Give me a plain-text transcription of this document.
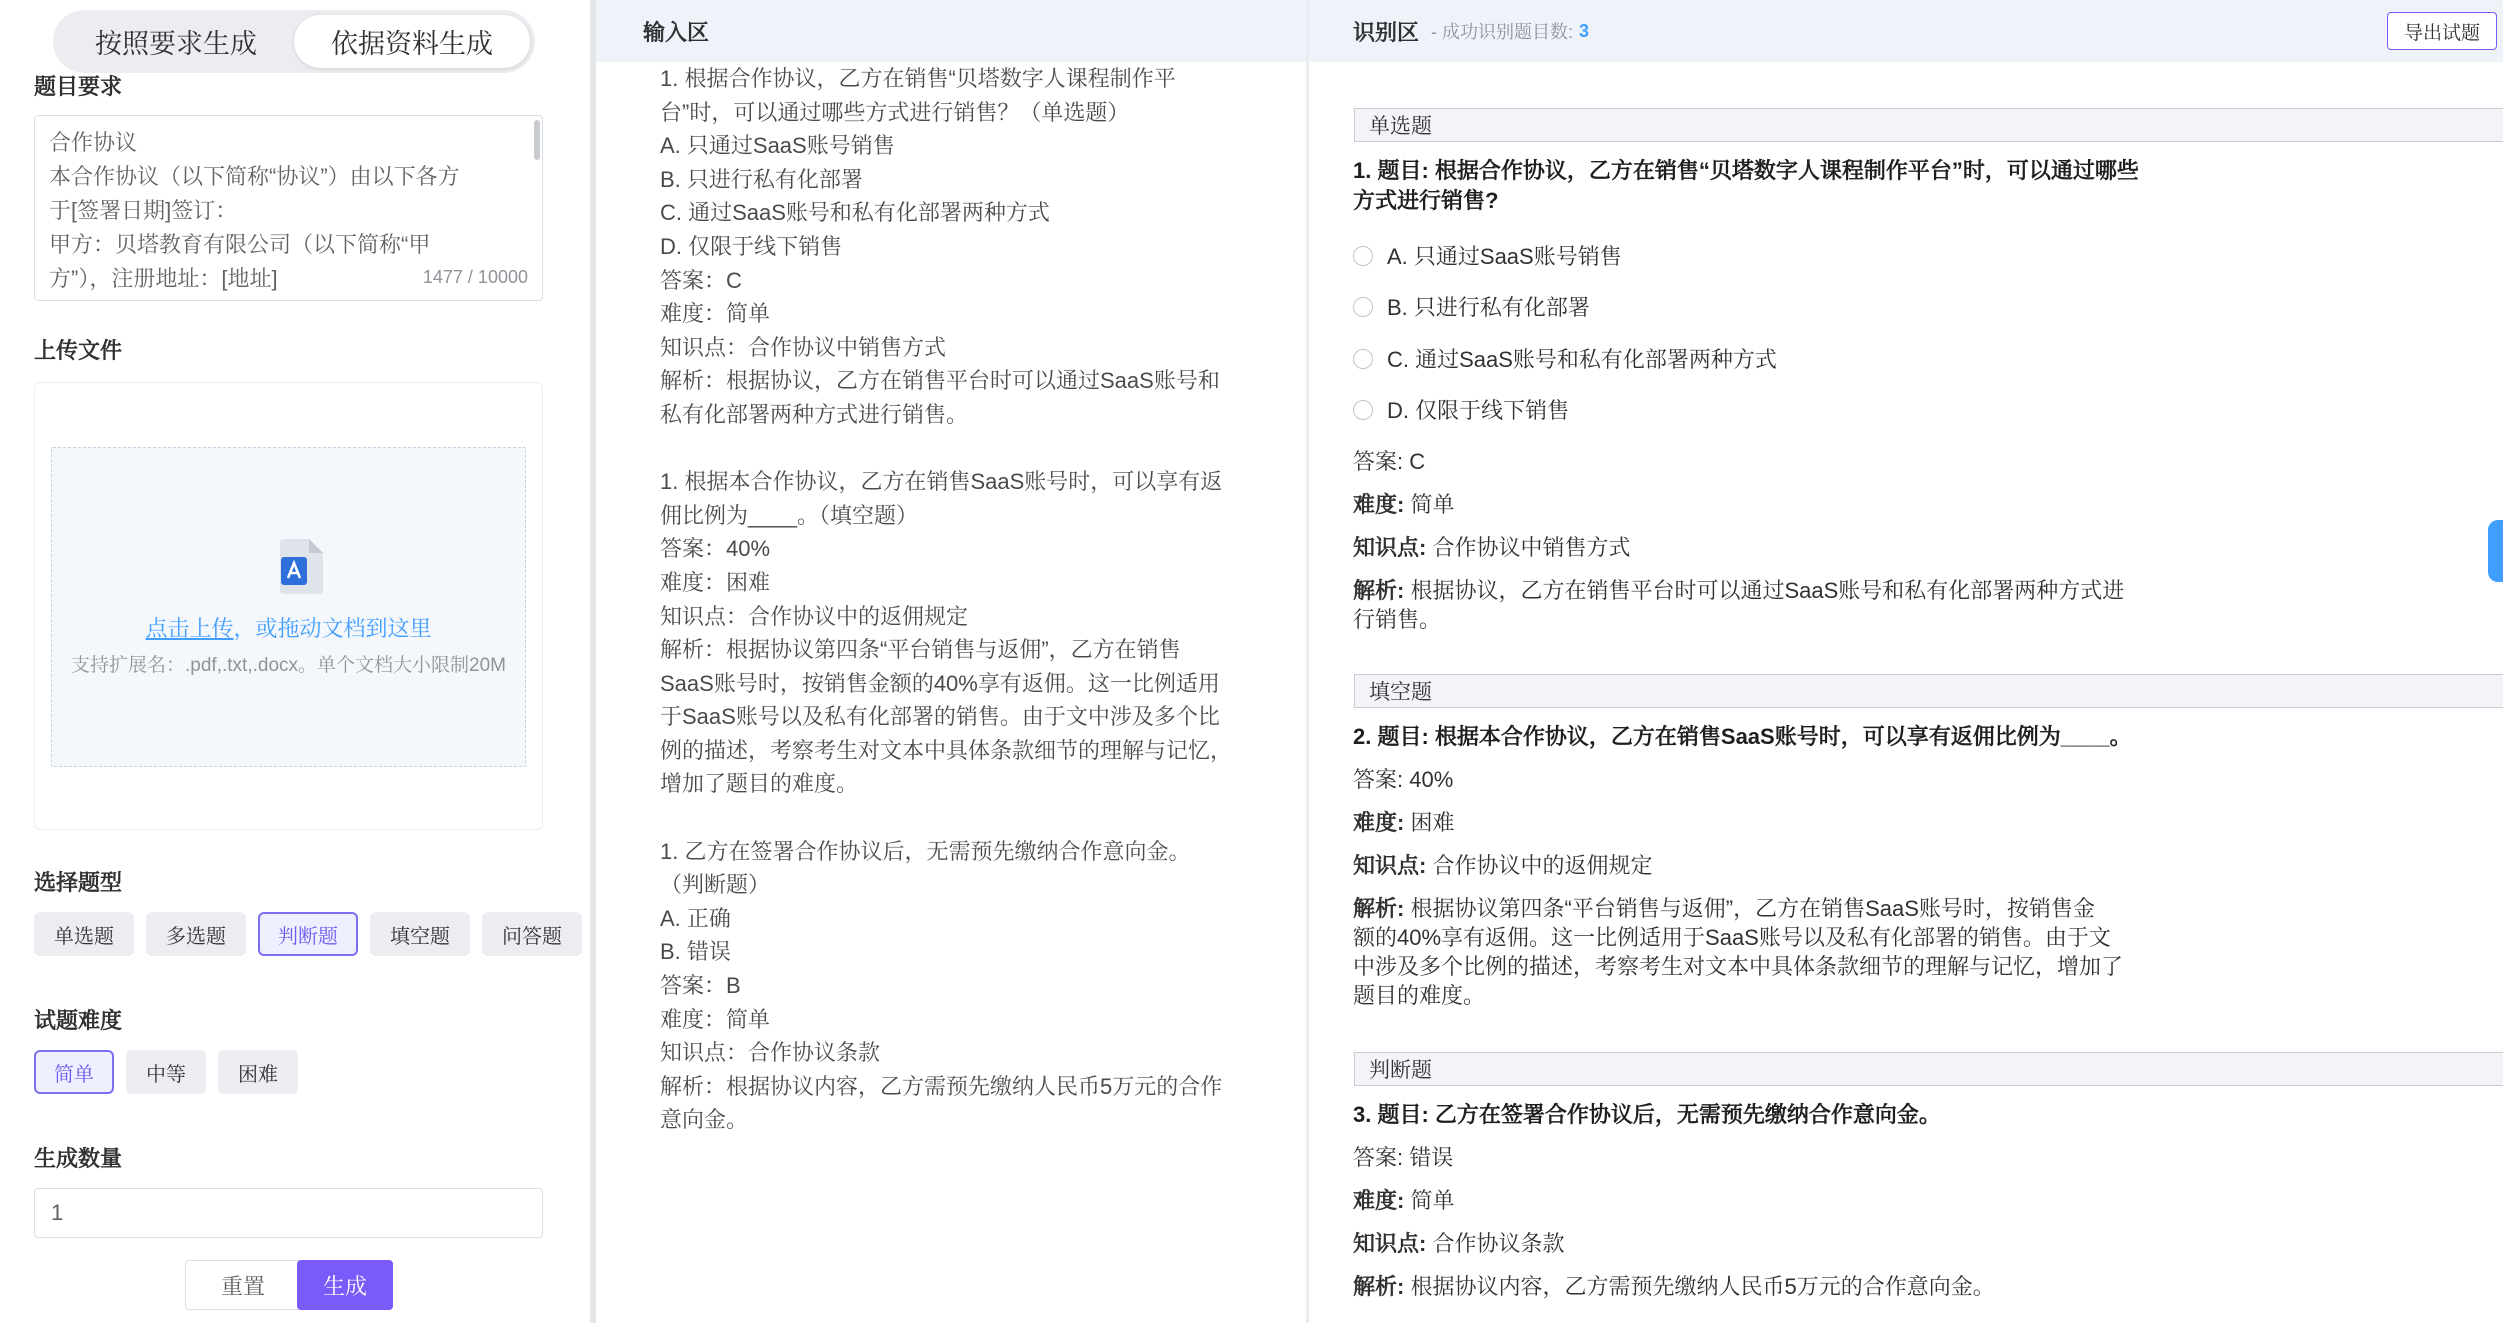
按照要求生成	依据资料生成
题目要求
合作协议
本合作协议（以下简称“协议”）由以下各方
于[签署日期]签订：
甲方：贝塔教育有限公司（以下简称“甲
方”），注册地址：[地址]	1477 / 10000
上传文件
点击上传，或拖动文档到这里
支持扩展名：.pdf,.txt,.docx。单个文档大小限制20M
选择题型
单选题	多选题	判断题	填空题	问答题
试题难度
简单	中等	困难
生成数量
1
重置	生成
输入区
1. 根据合作协议，乙方在销售“贝塔数字人课程制作平
台”时，可以通过哪些方式进行销售？（单选题）
A. 只通过SaaS账号销售
B. 只进行私有化部署
C. 通过SaaS账号和私有化部署两种方式
D. 仅限于线下销售
答案：C
难度：简单
知识点：合作协议中销售方式
解析：根据协议，乙方在销售平台时可以通过SaaS账号和
私有化部署两种方式进行销售。
1. 根据本合作协议，乙方在销售SaaS账号时，可以享有返
佣比例为____。（填空题）
答案：40%
难度：困难
知识点：合作协议中的返佣规定
解析：根据协议第四条“平台销售与返佣”，乙方在销售
SaaS账号时，按销售金额的40%享有返佣。这一比例适用
于SaaS账号以及私有化部署的销售。由于文中涉及多个比
例的描述，考察考生对文本中具体条款细节的理解与记忆，
增加了题目的难度。
1. 乙方在签署合作协议后，无需预先缴纳合作意向金。
（判断题）
A. 正确
B. 错误
答案：B
难度：简单
知识点：合作协议条款
解析：根据协议内容，乙方需预先缴纳人民币5万元的合作
意向金。
识别区 - 成功识别题目数: 3	导出试题
单选题
1. 题目: 根据合作协议，乙方在销售“贝塔数字人课程制作平台”时，可以通过哪些
方式进行销售?
A. 只通过SaaS账号销售
B. 只进行私有化部署
C. 通过SaaS账号和私有化部署两种方式
D. 仅限于线下销售
答案: C
难度: 简单
知识点: 合作协议中销售方式
解析: 根据协议，乙方在销售平台时可以通过SaaS账号和私有化部署两种方式进
行销售。
填空题
2. 题目: 根据本合作协议，乙方在销售SaaS账号时，可以享有返佣比例为____。
答案: 40%
难度: 困难
知识点: 合作协议中的返佣规定
解析: 根据协议第四条“平台销售与返佣”，乙方在销售SaaS账号时，按销售金
额的40%享有返佣。这一比例适用于SaaS账号以及私有化部署的销售。由于文
中涉及多个比例的描述，考察考生对文本中具体条款细节的理解与记忆，增加了
题目的难度。
判断题
3. 题目: 乙方在签署合作协议后，无需预先缴纳合作意向金。
答案: 错误
难度: 简单
知识点: 合作协议条款
解析: 根据协议内容，乙方需预先缴纳人民币5万元的合作意向金。
